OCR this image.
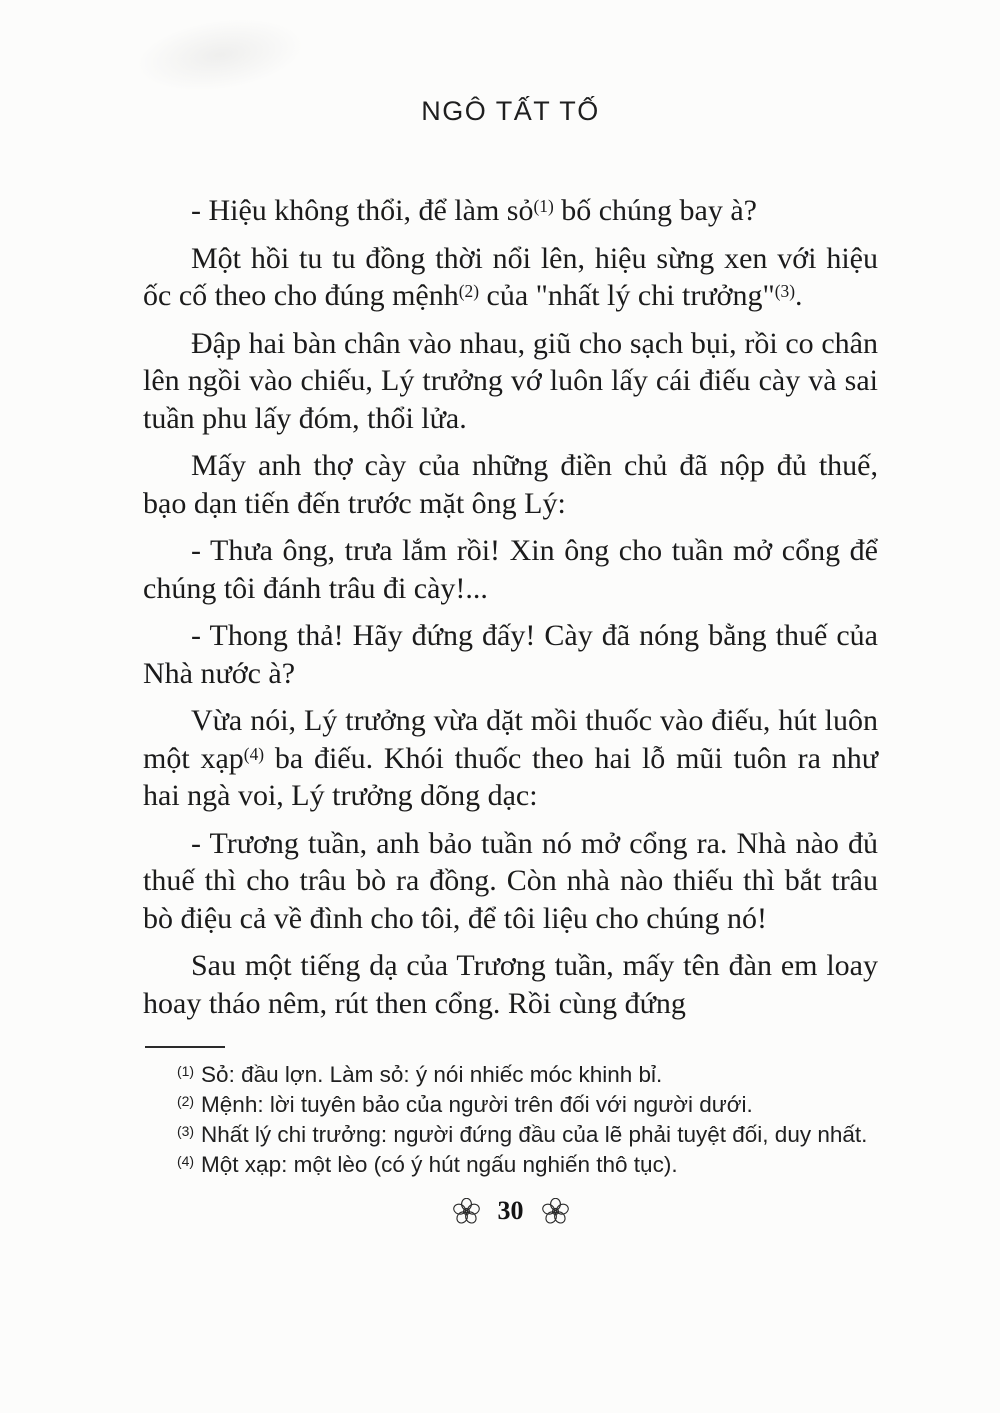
NGÔ TẤT TỐ

- Hiệu không thổi, để làm sỏ$^{(1)}$ bố chúng bay à?

Một hồi tu tu đồng thời nổi lên, hiệu sừng xen với hiệu ốc cố theo cho đúng mệnh$^{(2)}$ của "nhất lý chi trưởng"$^{(3)}$.

Đập hai bàn chân vào nhau, giũ cho sạch bụi, rồi co chân lên ngồi vào chiếu, Lý trưởng vớ luôn lấy cái điếu cày và sai tuần phu lấy đóm, thổi lửa.

Mấy anh thợ cày của những điền chủ đã nộp đủ thuế, bạo dạn tiến đến trước mặt ông Lý:

- Thưa ông, trưa lắm rồi! Xin ông cho tuần mở cổng để chúng tôi đánh trâu đi cày!...

- Thong thả! Hãy đứng đấy! Cày đã nóng bằng thuế của Nhà nước à?

Vừa nói, Lý trưởng vừa dặt mồi thuốc vào điếu, hút luôn một xạp$^{(4)}$ ba điếu. Khói thuốc theo hai lỗ mũi tuôn ra như hai ngà voi, Lý trưởng dõng dạc:

- Trương tuần, anh bảo tuần nó mở cổng ra. Nhà nào đủ thuế thì cho trâu bò ra đồng. Còn nhà nào thiếu thì bắt trâu bò điệu cả về đình cho tôi, để tôi liệu cho chúng nó!

Sau một tiếng dạ của Trương tuần, mấy tên đàn em loay hoay tháo nêm, rút then cổng. Rồi cùng đứng

$^{(1)}$ Sỏ: đầu lợn. Làm sỏ: ý nói nhiếc móc khinh bỉ.
$^{(2)}$ Mệnh: lời tuyên bảo của người trên đối với người dưới.
$^{(3)}$ Nhất lý chi trưởng: người đứng đầu của lẽ phải tuyệt đối, duy nhất.
$^{(4)}$ Một xạp: một lèo (có ý hút ngấu nghiến thô tục).
30
